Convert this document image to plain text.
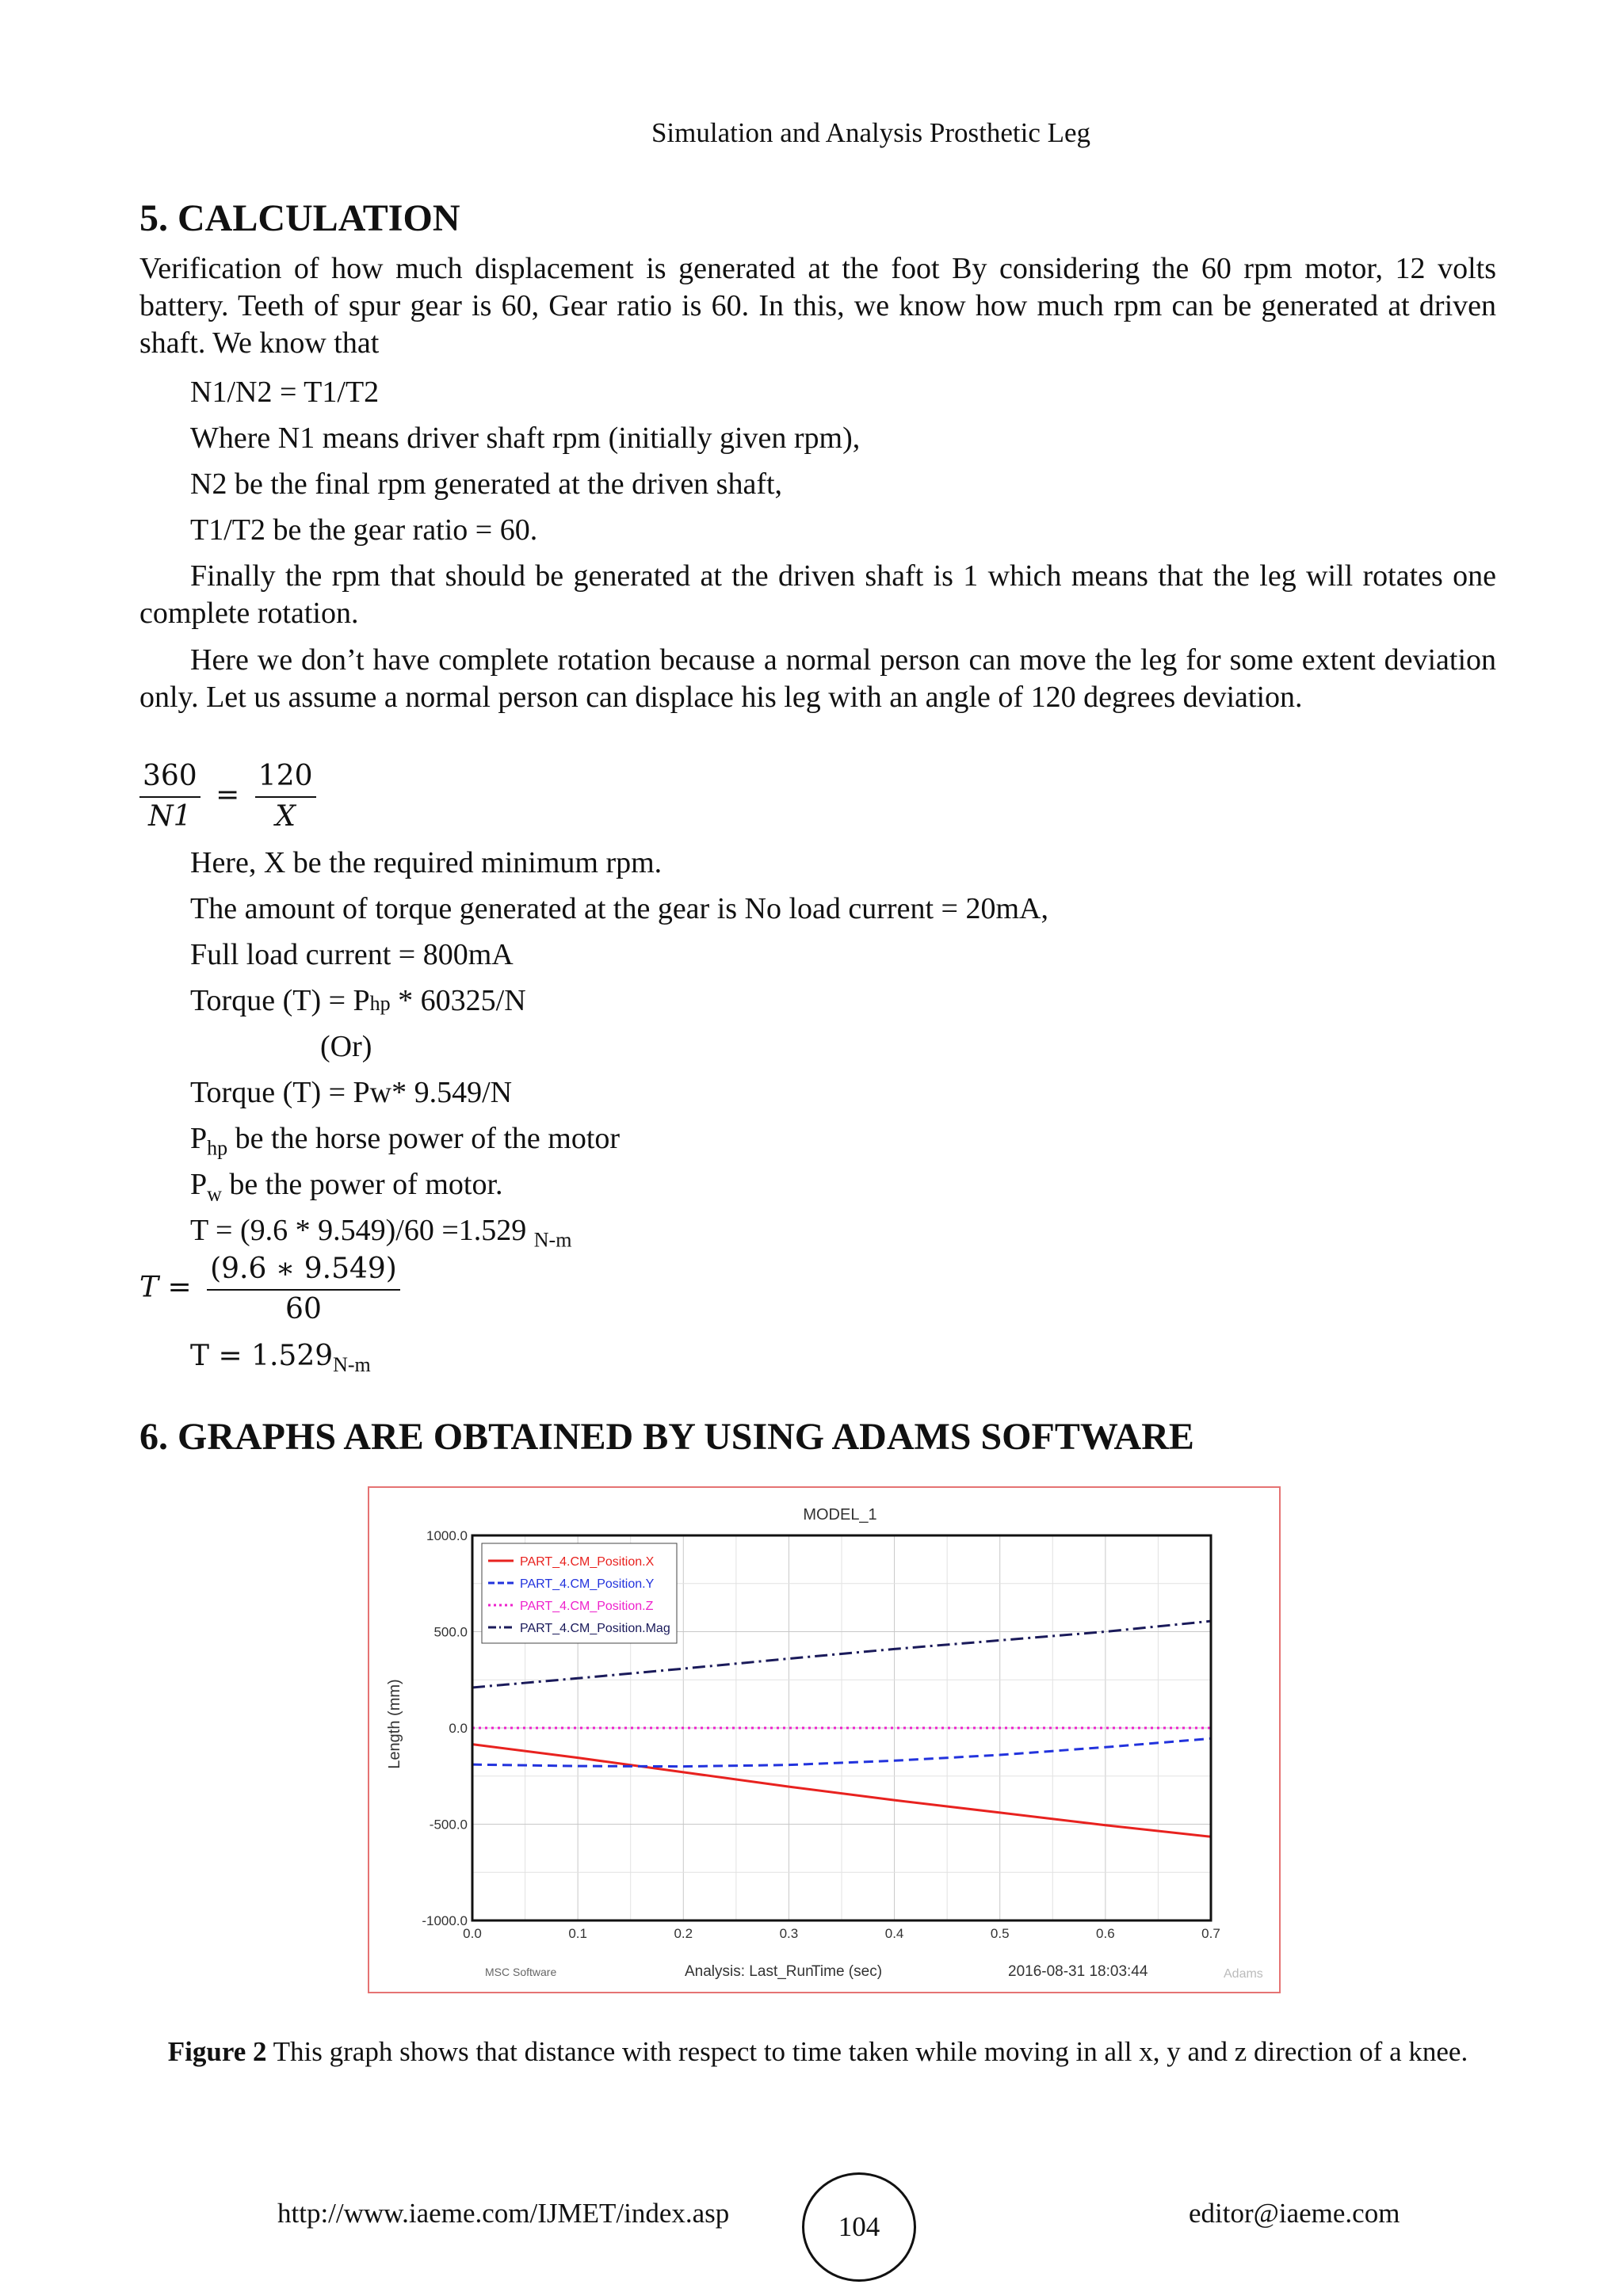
Simulation and Analysis Prosthetic Leg
5. CALCULATION

Verification of how much displacement is generated at the foot By considering the 60 rpm motor, 12 volts battery. Teeth of spur gear is 60, Gear ratio is 60. In this, we know how much rpm can be generated at driven shaft. We know that

N1/N2 = T1/T2

Where N1 means driver shaft rpm (initially given rpm),

N2 be the final rpm generated at the driven shaft,

T1/T2 be the gear ratio = 60.

Finally the rpm that should be generated at the driven shaft is 1 which means that the leg will rotates one complete rotation.

Here we don’t have complete rotation because a normal person can move the leg for some extent deviation only. Let us assume a normal person can displace his leg with an angle of 120 degrees deviation.

$\frac{360}{N1} = \frac{120}{X}$

Here, X be the required minimum rpm.

The amount of torque generated at the gear is No load current = 20mA,

Full load current = 800mA

Torque (T) = Php * 60325/N

(Or)

Torque (T) = Pw* 9.549/N

$P_{hp}$ be the horse power of the motor

$P_w$ be the power of motor.

T = (9.6 * 9.549)/60 =1.529 $_{N-m}$

$T = \frac{(9.6 ∗ 9.549)}{60}$

$T = 1.529_{N-m}$

6. GRAPHS ARE OBTAINED BY USING ADAMS SOFTWARE
MODEL_1
Length (mm)
MSC Software	Analysis: Last_Run
Time (sec)	2016-08-31 18:03:44	Adams
0.0	0.1	0.2	0.3	0.4	0.5	0.6	0.7
1000.0
500.0
0.0
-500.0
-1000.0
PART_4.CM_Position.X
PART_4.CM_Position.Y
PART_4.CM_Position.Z
PART_4.CM_Position.Mag
Figure 2 This graph shows that distance with respect to time taken while moving in all x, y and z direction of a knee.
http://www.iaeme.com/IJMET/index.asp	104	editor@iaeme.com
